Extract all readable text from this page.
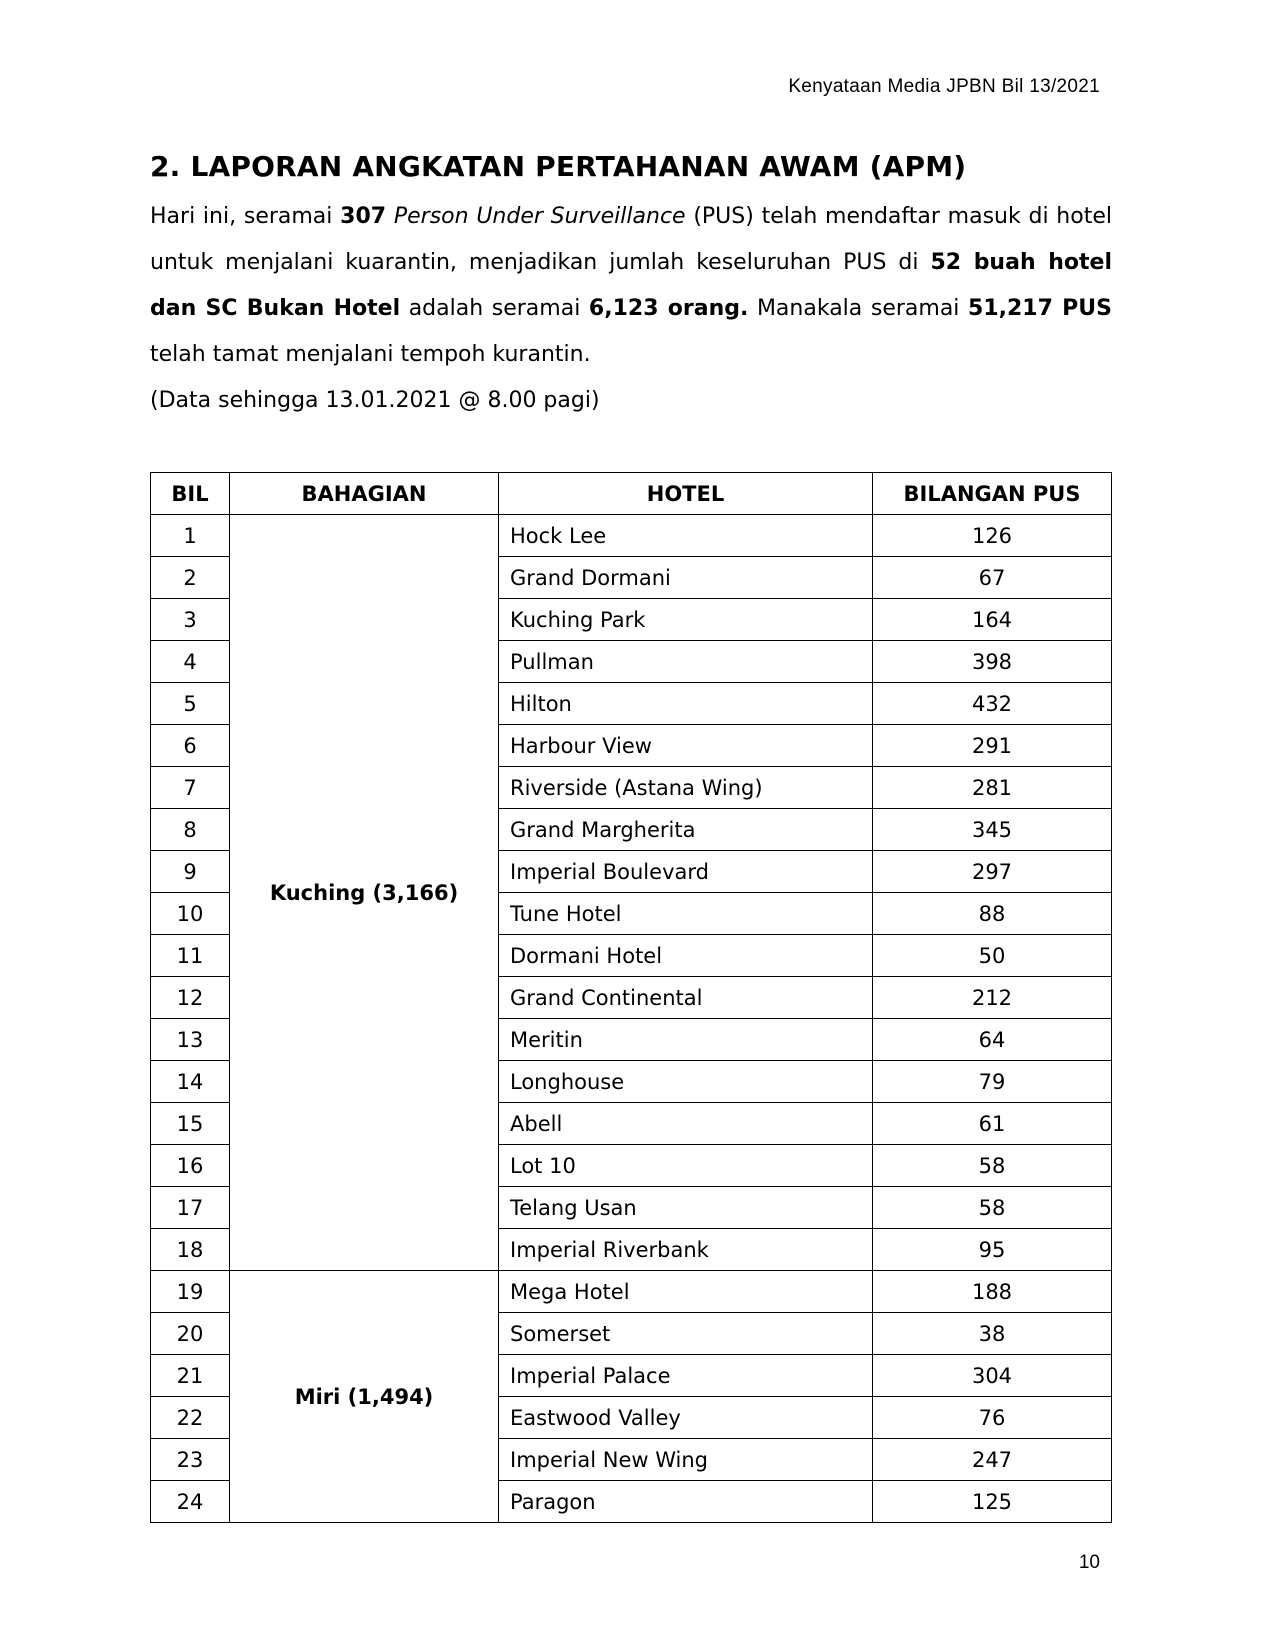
Kenyataan Media JPBN Bil 13/2021
2. LAPORAN ANGKATAN PERTAHANAN AWAM (APM)

Hari ini, seramai 307 Person Under Surveillance (PUS) telah mendaftar masuk di hotel untuk menjalani kuarantin, menjadikan jumlah keseluruhan PUS di 52 buah hotel dan SC Bukan Hotel adalah seramai 6,123 orang. Manakala seramai 51,217 PUS telah tamat menjalani tempoh kurantin.

(Data sehingga 13.01.2021 @ 8.00 pagi)

BIL	BAHAGIAN	HOTEL	BILANGAN PUS
1	Kuching (3,166)	Hock Lee	126
2		Grand Dormani	67
3		Kuching Park	164
4		Pullman	398
5		Hilton	432
6		Harbour View	291
7		Riverside (Astana Wing)	281
8		Grand Margherita	345
9		Imperial Boulevard	297
10		Tune Hotel	88
11		Dormani Hotel	50
12		Grand Continental	212
13		Meritin	64
14		Longhouse	79
15		Abell	61
16		Lot 10	58
17		Telang Usan	58
18		Imperial Riverbank	95
19	Miri (1,494)	Mega Hotel	188
20		Somerset	38
21		Imperial Palace	304
22		Eastwood Valley	76
23		Imperial New Wing	247
24		Paragon	125
10
